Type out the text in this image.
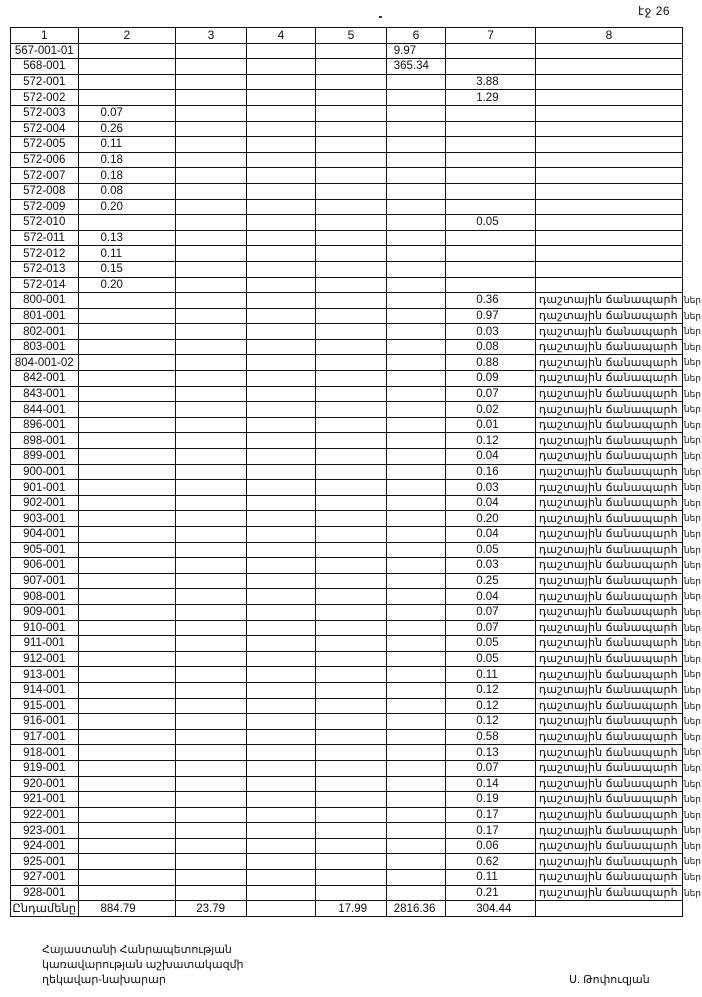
էջ 26
1	2	3	4	5	6	7	8
567-001-01					9.97		
568-001					365.34		
572-001						3.88	
572-002						1.29	
572-003	0.07						
572-004	0.26						
572-005	0.11						
572-006	0.18						
572-007	0.18						
572-008	0.08						
572-009	0.20						
572-010						0.05	
572-011	0.13						
572-012	0.11						
572-013	0.15						
572-014	0.20						
800-001						0.36	դաշտային ճանապարհ ներ

801-001						0.97	դաշտային ճանապարհ ներ

802-001						0.03	դաշտային ճանապարհ ներ

803-001						0.08	դաշտային ճանապարհ ներ

804-001-02						0.88	դաշտային ճանապարհ ներ

842-001						0.09	դաշտային ճանապարհ ներ

843-001						0.07	դաշտային ճանապարհ ներ

844-001						0.02	դաշտային ճանապարհ ներ

896-001						0.01	դաշտային ճանապարհ ներ

898-001						0.12	դաշտային ճանապարհ ներ

899-001						0.04	դաշտային ճանապարհ ներ

900-001						0.16	դաշտային ճանապարհ ներ

901-001						0.03	դաշտային ճանապարհ ներ

902-001						0.04	դաշտային ճանապարհ ներ

903-001						0.20	դաշտային ճանապարհ ներ

904-001						0.04	դաշտային ճանապարհ ներ

905-001						0.05	դաշտային ճանապարհ ներ

906-001						0.03	դաշտային ճանապարհ ներ

907-001						0.25	դաշտային ճանապարհ ներ

908-001						0.04	դաշտային ճանապարհ ներ

909-001						0.07	դաշտային ճանապարհ ներ

910-001						0.07	դաշտային ճանապարհ ներ

911-001						0.05	դաշտային ճանապարհ ներ

912-001						0.05	դաշտային ճանապարհ ներ

913-001						0.11	դաշտային ճանապարհ ներ

914-001						0.12	դաշտային ճանապարհ ներ

915-001						0.12	դաշտային ճանապարհ ներ

916-001						0.12	դաշտային ճանապարհ ներ

917-001						0.58	դաշտային ճանապարհ ներ

918-001						0.13	դաշտային ճանապարհ ներ

919-001						0.07	դաշտային ճանապարհ ներ

920-001						0.14	դաշտային ճանապարհ ներ

921-001						0.19	դաշտային ճանապարհ ներ

922-001						0.17	դաշտային ճանապարհ ներ

923-001						0.17	դաշտային ճանապարհ ներ

924-001						0.06	դաշտային ճանապարհ ներ

925-001						0.62	դաշտային ճանապարհ ներ

927-001						0.11	դաշտային ճանապարհ ներ

928-001						0.21	դաշտային ճանապարհ ներ

Ընդամենը	884.79	23.79		17.99	2816.36	304.44	
Հայաստանի Հանրապետության
կառավարության աշխատակազմի
ղեկավար-նախարար	Ս. Թոփուզյան
